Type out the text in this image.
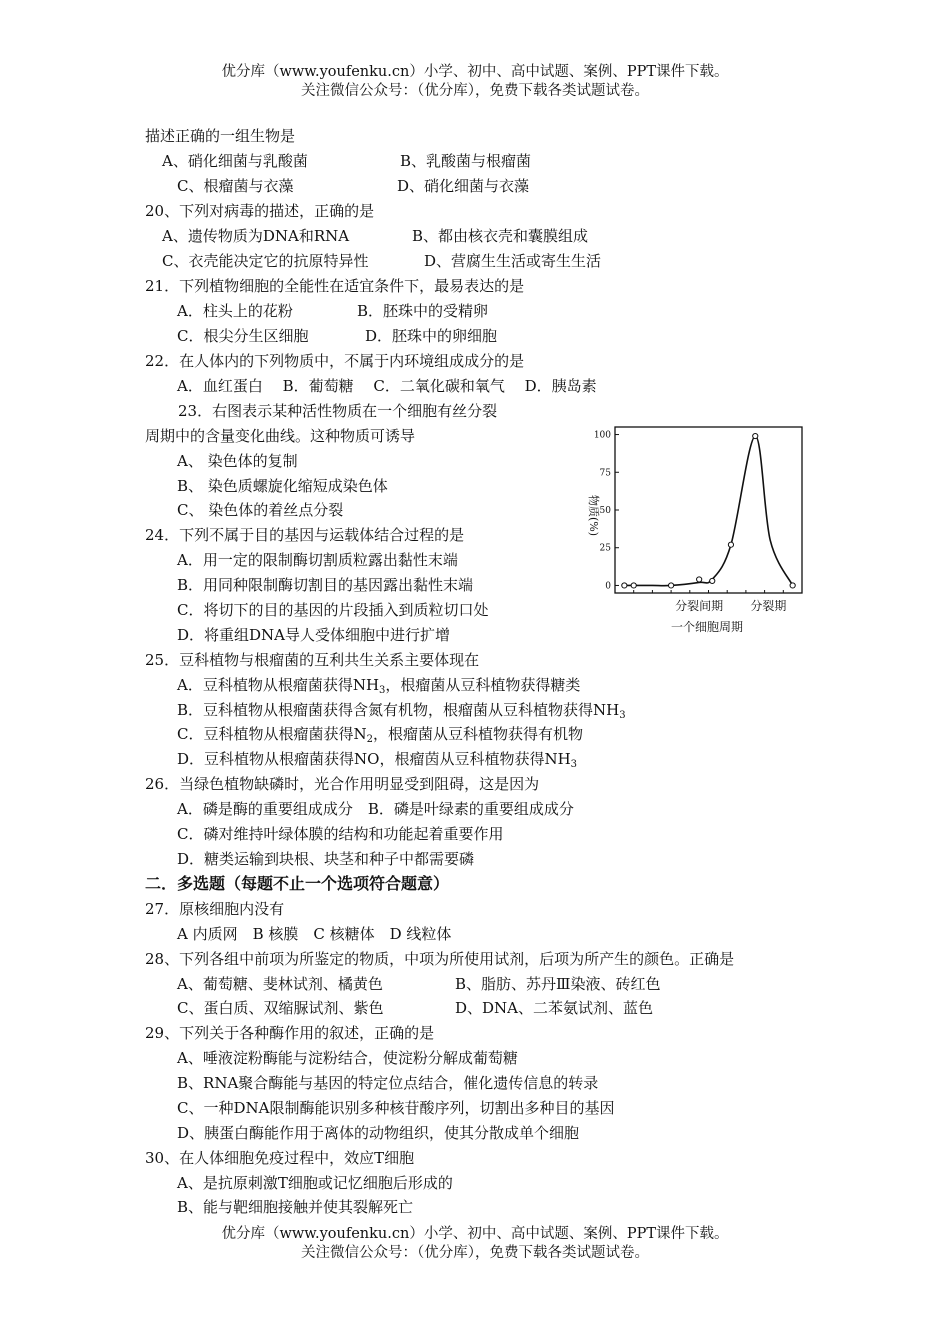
优分库（www.youfenku.cn）小学、初中、高中试题、案例、PPT课件下载。
关注微信公众号：（优分库），免费下载各类试题试卷。
描述正确的一组生物是
A、硝化细菌与乳酸菌	B、乳酸菌与根瘤菌
C、根瘤菌与衣藻	D、硝化细菌与衣藻
20、下列对病毒的描述，正确的是
A、遗传物质为DNA和RNA	B、都由核衣壳和囊膜组成
C、衣壳能决定它的抗原特异性	D、营腐生生活或寄生生活
21．下列植物细胞的全能性在适宜条件下，最易表达的是
A．柱头上的花粉	B．胚珠中的受精卵
C．根尖分生区细胞	D．胚珠中的卵细胞
22．在人体内的下列物质中，不属于内环境组成成分的是
A．血红蛋白　 B．葡萄糖　 C．二氧化碳和氧气　 D．胰岛素
23．右图表示某种活性物质在一个细胞有丝分裂
周期中的含量变化曲线。这种物质可诱导
A、 染色体的复制
B、 染色质螺旋化缩短成染色体
C、 染色体的着丝点分裂
0
25
50
75
100
物质(%)
分裂间期 分裂期
一个细胞周期
24．下列不属于目的基因与运载体结合过程的是
A．用一定的限制酶切割质粒露出黏性末端
B．用同种限制酶切割目的基因露出黏性末端
C．将切下的目的基因的片段插入到质粒切口处
D．将重组DNA导人受体细胞中进行扩增
25．豆科植物与根瘤菌的互利共生关系主要体现在
A．豆科植物从根瘤菌获得$NH_3$，根瘤菌从豆科植物获得糖类
B．豆科植物从根瘤菌获得含氮有机物，根瘤菌从豆科植物获得$NH_3$
C．豆科植物从根瘤菌获得$N_2$，根瘤菌从豆科植物获得有机物
D．豆科植物从根瘤菌获得NO，根瘤茵从豆科植物获得$NH_3$
26．当绿色植物缺磷时，光合作用明显受到阻碍，这是因为
A．磷是酶的重要组成成分　B．磷是叶绿素的重要组成成分
C．磷对维持叶绿体膜的结构和功能起着重要作用
D．糖类运输到块根、块茎和种子中都需要磷
二．多选题（每题不止一个选项符合题意）
27．原核细胞内没有
A 内质网　B 核膜　C 核糖体　D 线粒体
28、下列各组中前项为所鉴定的物质，中项为所使用试剂，后项为所产生的颜色。正确是
A、葡萄糖、斐林试剂、橘黄色	B、脂肪、苏丹Ⅲ染液、砖红色
C、蛋白质、双缩脲试剂、紫色	D、DNA、二苯氨试剂、蓝色
29、下列关于各种酶作用的叙述，正确的是
A、唾液淀粉酶能与淀粉结合，使淀粉分解成葡萄糖
B、RNA聚合酶能与基因的特定位点结合，催化遗传信息的转录
C、一种DNA限制酶能识别多种核苷酸序列，切割出多种目的基因
D、胰蛋白酶能作用于离体的动物组织，使其分散成单个细胞
30、在人体细胞免疫过程中，效应T细胞
A、是抗原刺激T细胞或记忆细胞后形成的
B、能与靶细胞接触并使其裂解死亡
优分库（www.youfenku.cn）小学、初中、高中试题、案例、PPT课件下载。
关注微信公众号：（优分库），免费下载各类试题试卷。
